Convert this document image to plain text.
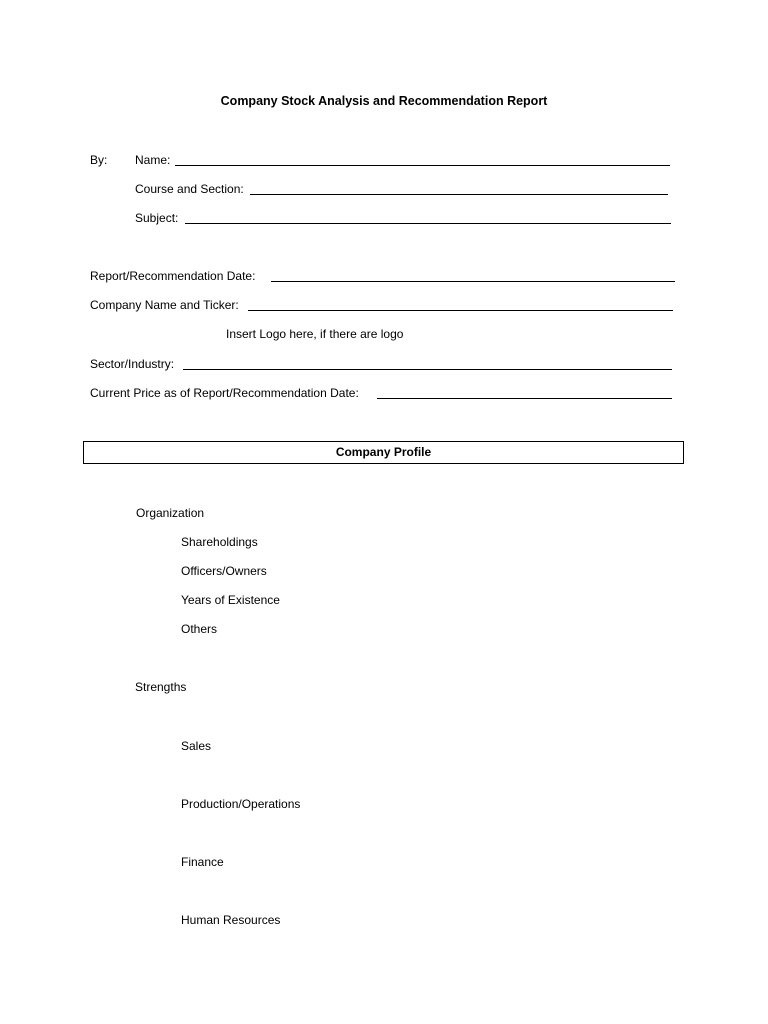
Company Stock Analysis and Recommendation Report
By: Name:
Course and Section:
Subject:
Report/Recommendation Date:
Company Name and Ticker:
Insert Logo here, if there are logo
Sector/Industry:
Current Price as of Report/Recommendation Date:
Company Profile
Organization
Shareholdings
Officers/Owners
Years of Existence
Others
Strengths
Sales
Production/Operations
Finance
Human Resources
